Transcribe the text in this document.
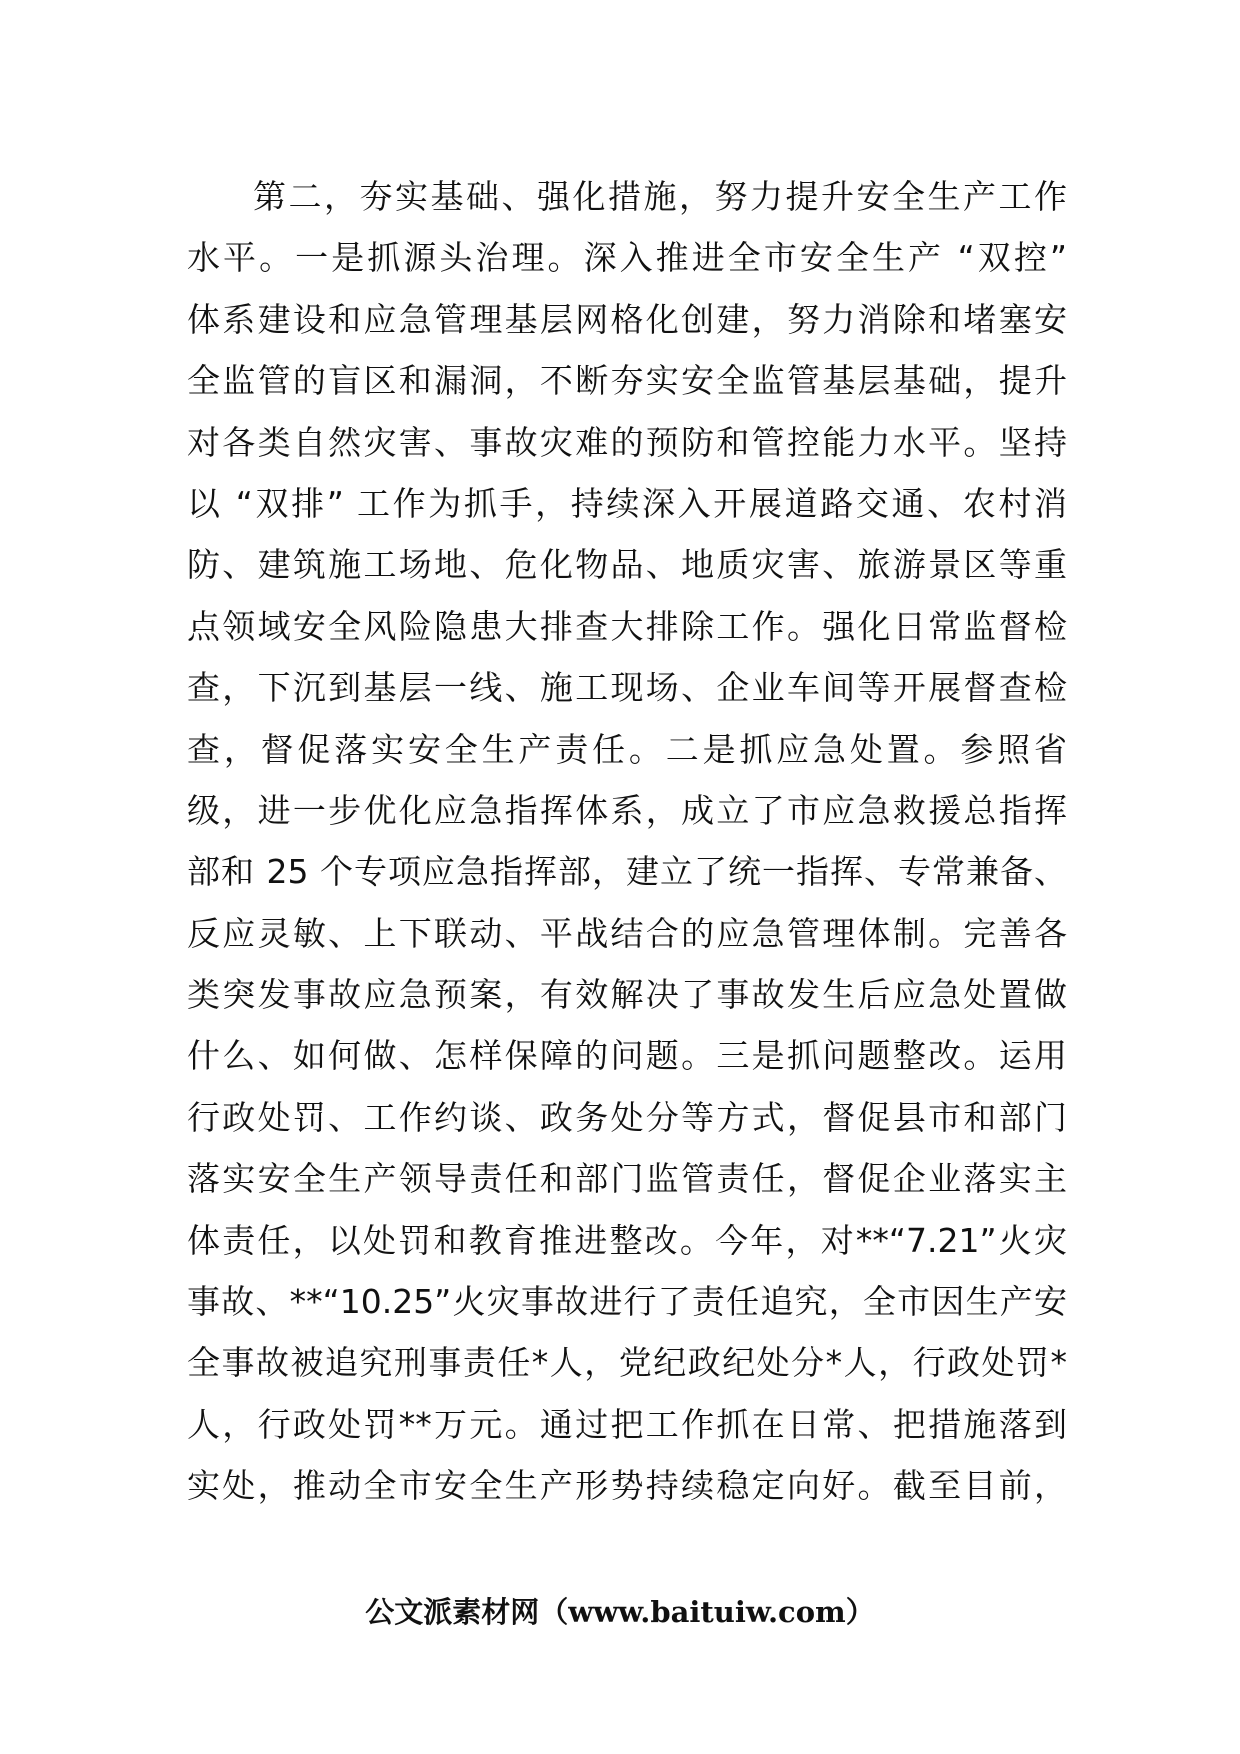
第二，夯实基础、强化措施，努力提升安全生产工作
水平。一是抓源头治理。深入推进全市安全生产 “双控”
体系建设和应急管理基层网格化创建，努力消除和堵塞安
全监管的盲区和漏洞，不断夯实安全监管基层基础，提升
对各类自然灾害、事故灾难的预防和管控能力水平。坚持
以 “双排” 工作为抓手，持续深入开展道路交通、农村消
防、建筑施工场地、危化物品、地质灾害、旅游景区等重
点领域安全风险隐患大排查大排除工作。强化日常监督检
查，下沉到基层一线、施工现场、企业车间等开展督查检
查，督促落实安全生产责任。二是抓应急处置。参照省
级，进一步优化应急指挥体系，成立了市应急救援总指挥
部和 25 个专项应急指挥部，建立了统一指挥、专常兼备、
反应灵敏、上下联动、平战结合的应急管理体制。完善各
类突发事故应急预案，有效解决了事故发生后应急处置做
什么、如何做、怎样保障的问题。三是抓问题整改。运用
行政处罚、工作约谈、政务处分等方式，督促县市和部门
落实安全生产领导责任和部门监管责任，督促企业落实主
体责任，以处罚和教育推进整改。今年，对**“7.21”火灾
事故、**“10.25”火灾事故进行了责任追究，全市因生产安
全事故被追究刑事责任*人，党纪政纪处分*人，行政处罚*
人，行政处罚**万元。通过把工作抓在日常、把措施落到
实处，推动全市安全生产形势持续稳定向好。截至目前，
公文派素材网（www.baituiw.com）
